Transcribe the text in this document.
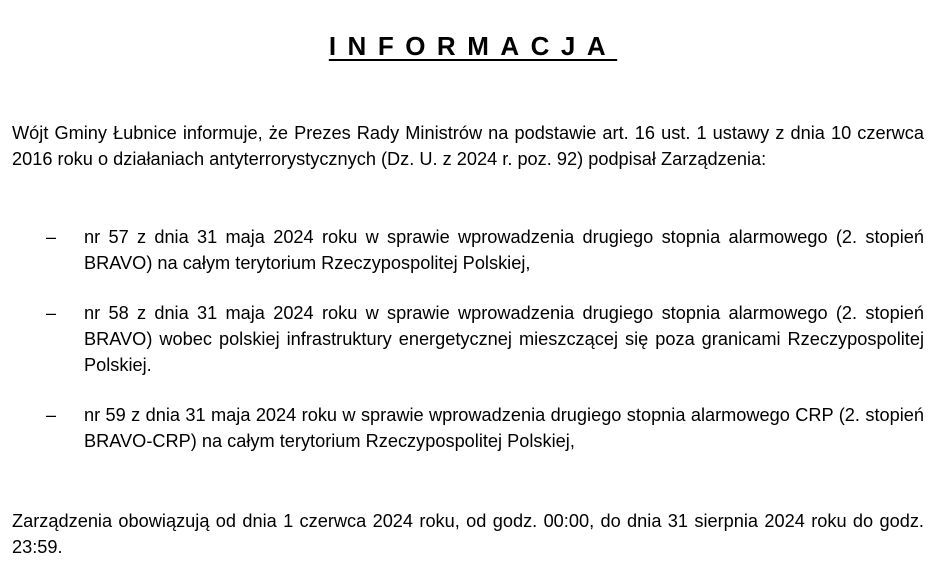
INFORMACJA

Wójt Gminy Łubnice informuje, że Prezes Rady Ministrów na podstawie art. 16 ust. 1 ustawy z dnia 10 czerwca 2016 roku o działaniach antyterrorystycznych (Dz. U. z 2024 r. poz. 92) podpisał Zarządzenia:

– nr 57 z dnia 31 maja 2024 roku w sprawie wprowadzenia drugiego stopnia alarmowego (2. stopień BRAVO) na całym terytorium Rzeczypospolitej Polskiej,

– nr 58 z dnia 31 maja 2024 roku w sprawie wprowadzenia drugiego stopnia alarmowego (2. stopień BRAVO) wobec polskiej infrastruktury energetycznej mieszczącej się poza granicami Rzeczypospolitej Polskiej.

– nr 59 z dnia 31 maja 2024 roku w sprawie wprowadzenia drugiego stopnia alarmowego CRP (2. stopień BRAVO-CRP) na całym terytorium Rzeczypospolitej Polskiej,

Zarządzenia obowiązują od dnia 1 czerwca 2024 roku, od godz. 00:00, do dnia 31 sierpnia 2024 roku do godz. 23:59.
